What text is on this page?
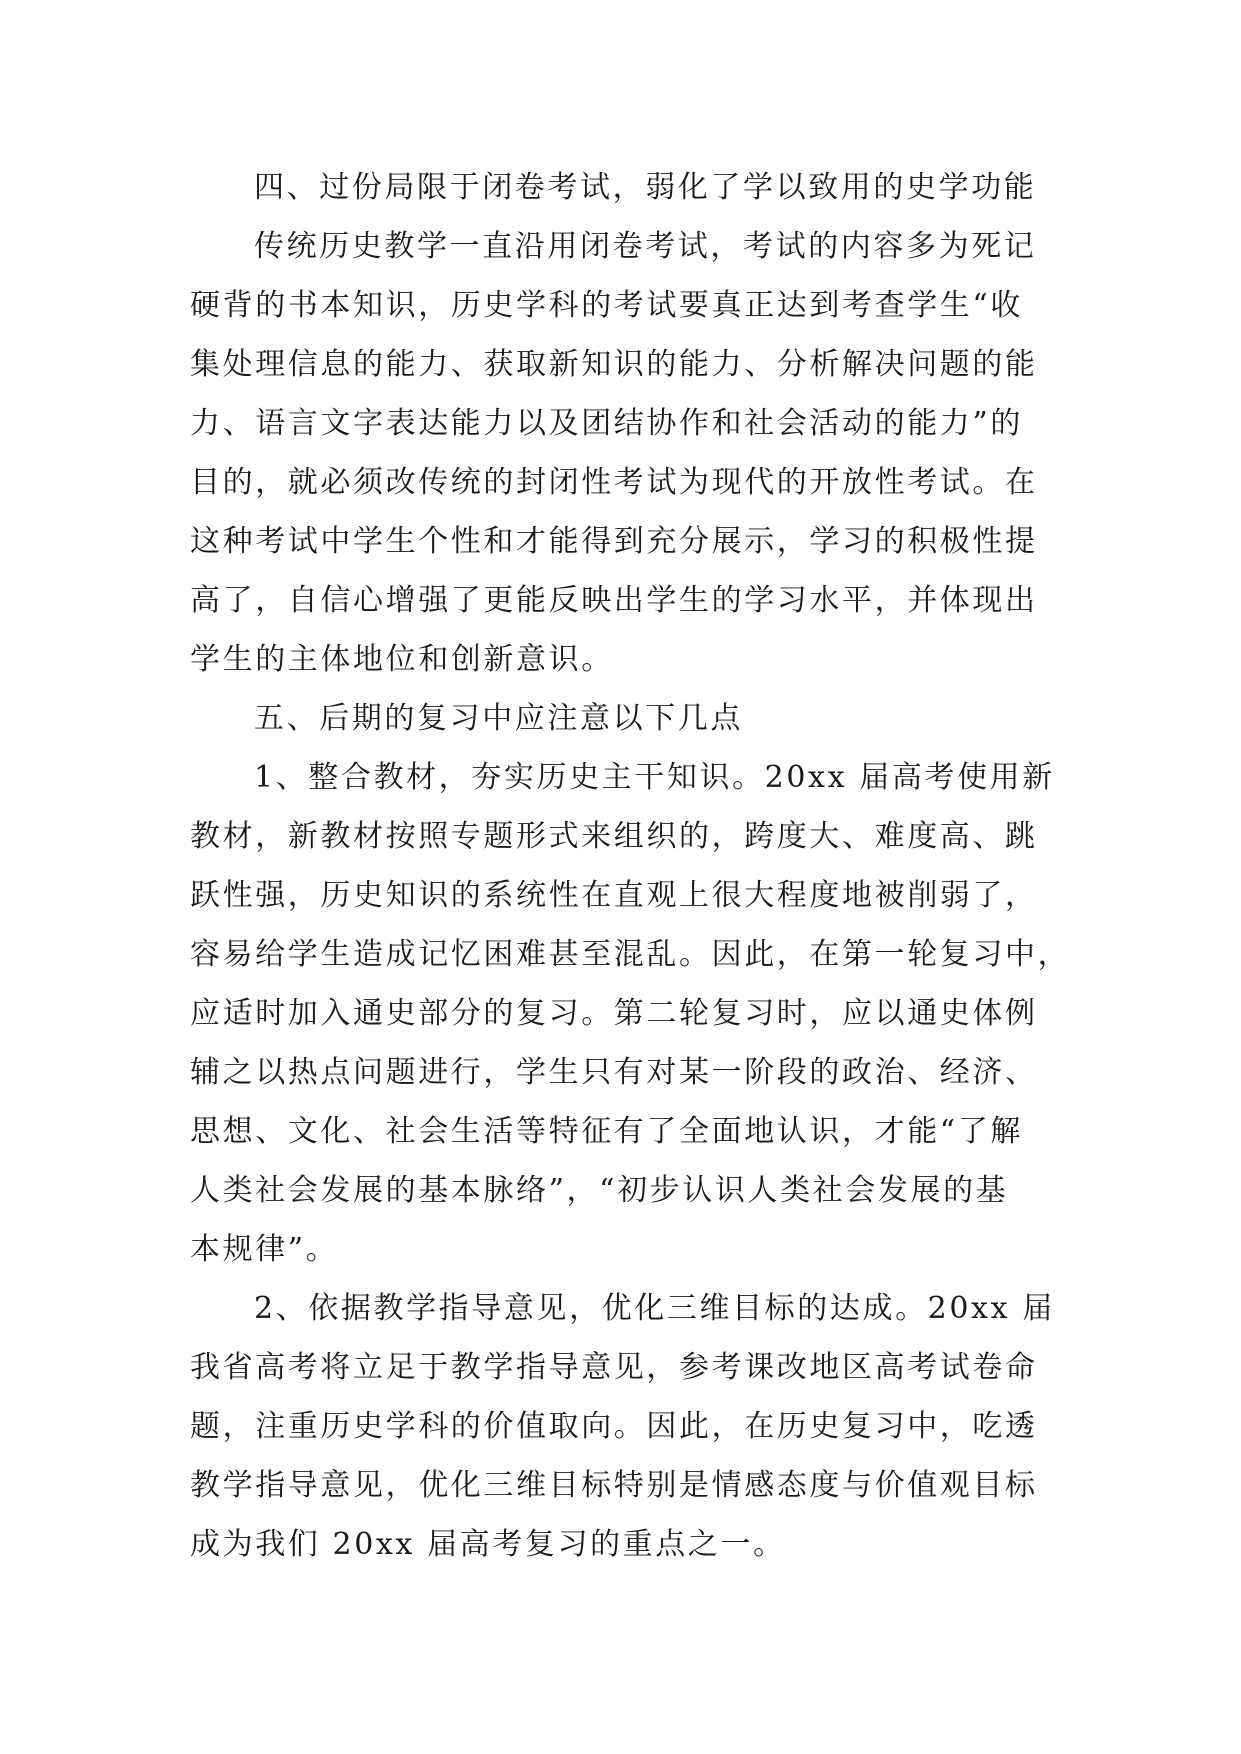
四、过份局限于闭卷考试，弱化了学以致用的史学功能
传统历史教学一直沿用闭卷考试，考试的内容多为死记
硬背的书本知识，历史学科的考试要真正达到考查学生“收
集处理信息的能力、获取新知识的能力、分析解决问题的能
力、语言文字表达能力以及团结协作和社会活动的能力”的
目的，就必须改传统的封闭性考试为现代的开放性考试。在
这种考试中学生个性和才能得到充分展示，学习的积极性提
高了，自信心增强了更能反映出学生的学习水平，并体现出
学生的主体地位和创新意识。
五、后期的复习中应注意以下几点
1、整合教材，夯实历史主干知识。20xx 届高考使用新
教材，新教材按照专题形式来组织的，跨度大、难度高、跳
跃性强，历史知识的系统性在直观上很大程度地被削弱了，
容易给学生造成记忆困难甚至混乱。因此，在第一轮复习中，
应适时加入通史部分的复习。第二轮复习时，应以通史体例
辅之以热点问题进行，学生只有对某一阶段的政治、经济、
思想、文化、社会生活等特征有了全面地认识，才能“了解
人类社会发展的基本脉络”，“初步认识人类社会发展的基
本规律”。
2、依据教学指导意见，优化三维目标的达成。20xx 届
我省高考将立足于教学指导意见，参考课改地区高考试卷命
题，注重历史学科的价值取向。因此，在历史复习中，吃透
教学指导意见，优化三维目标特别是情感态度与价值观目标
成为我们 20xx 届高考复习的重点之一。
